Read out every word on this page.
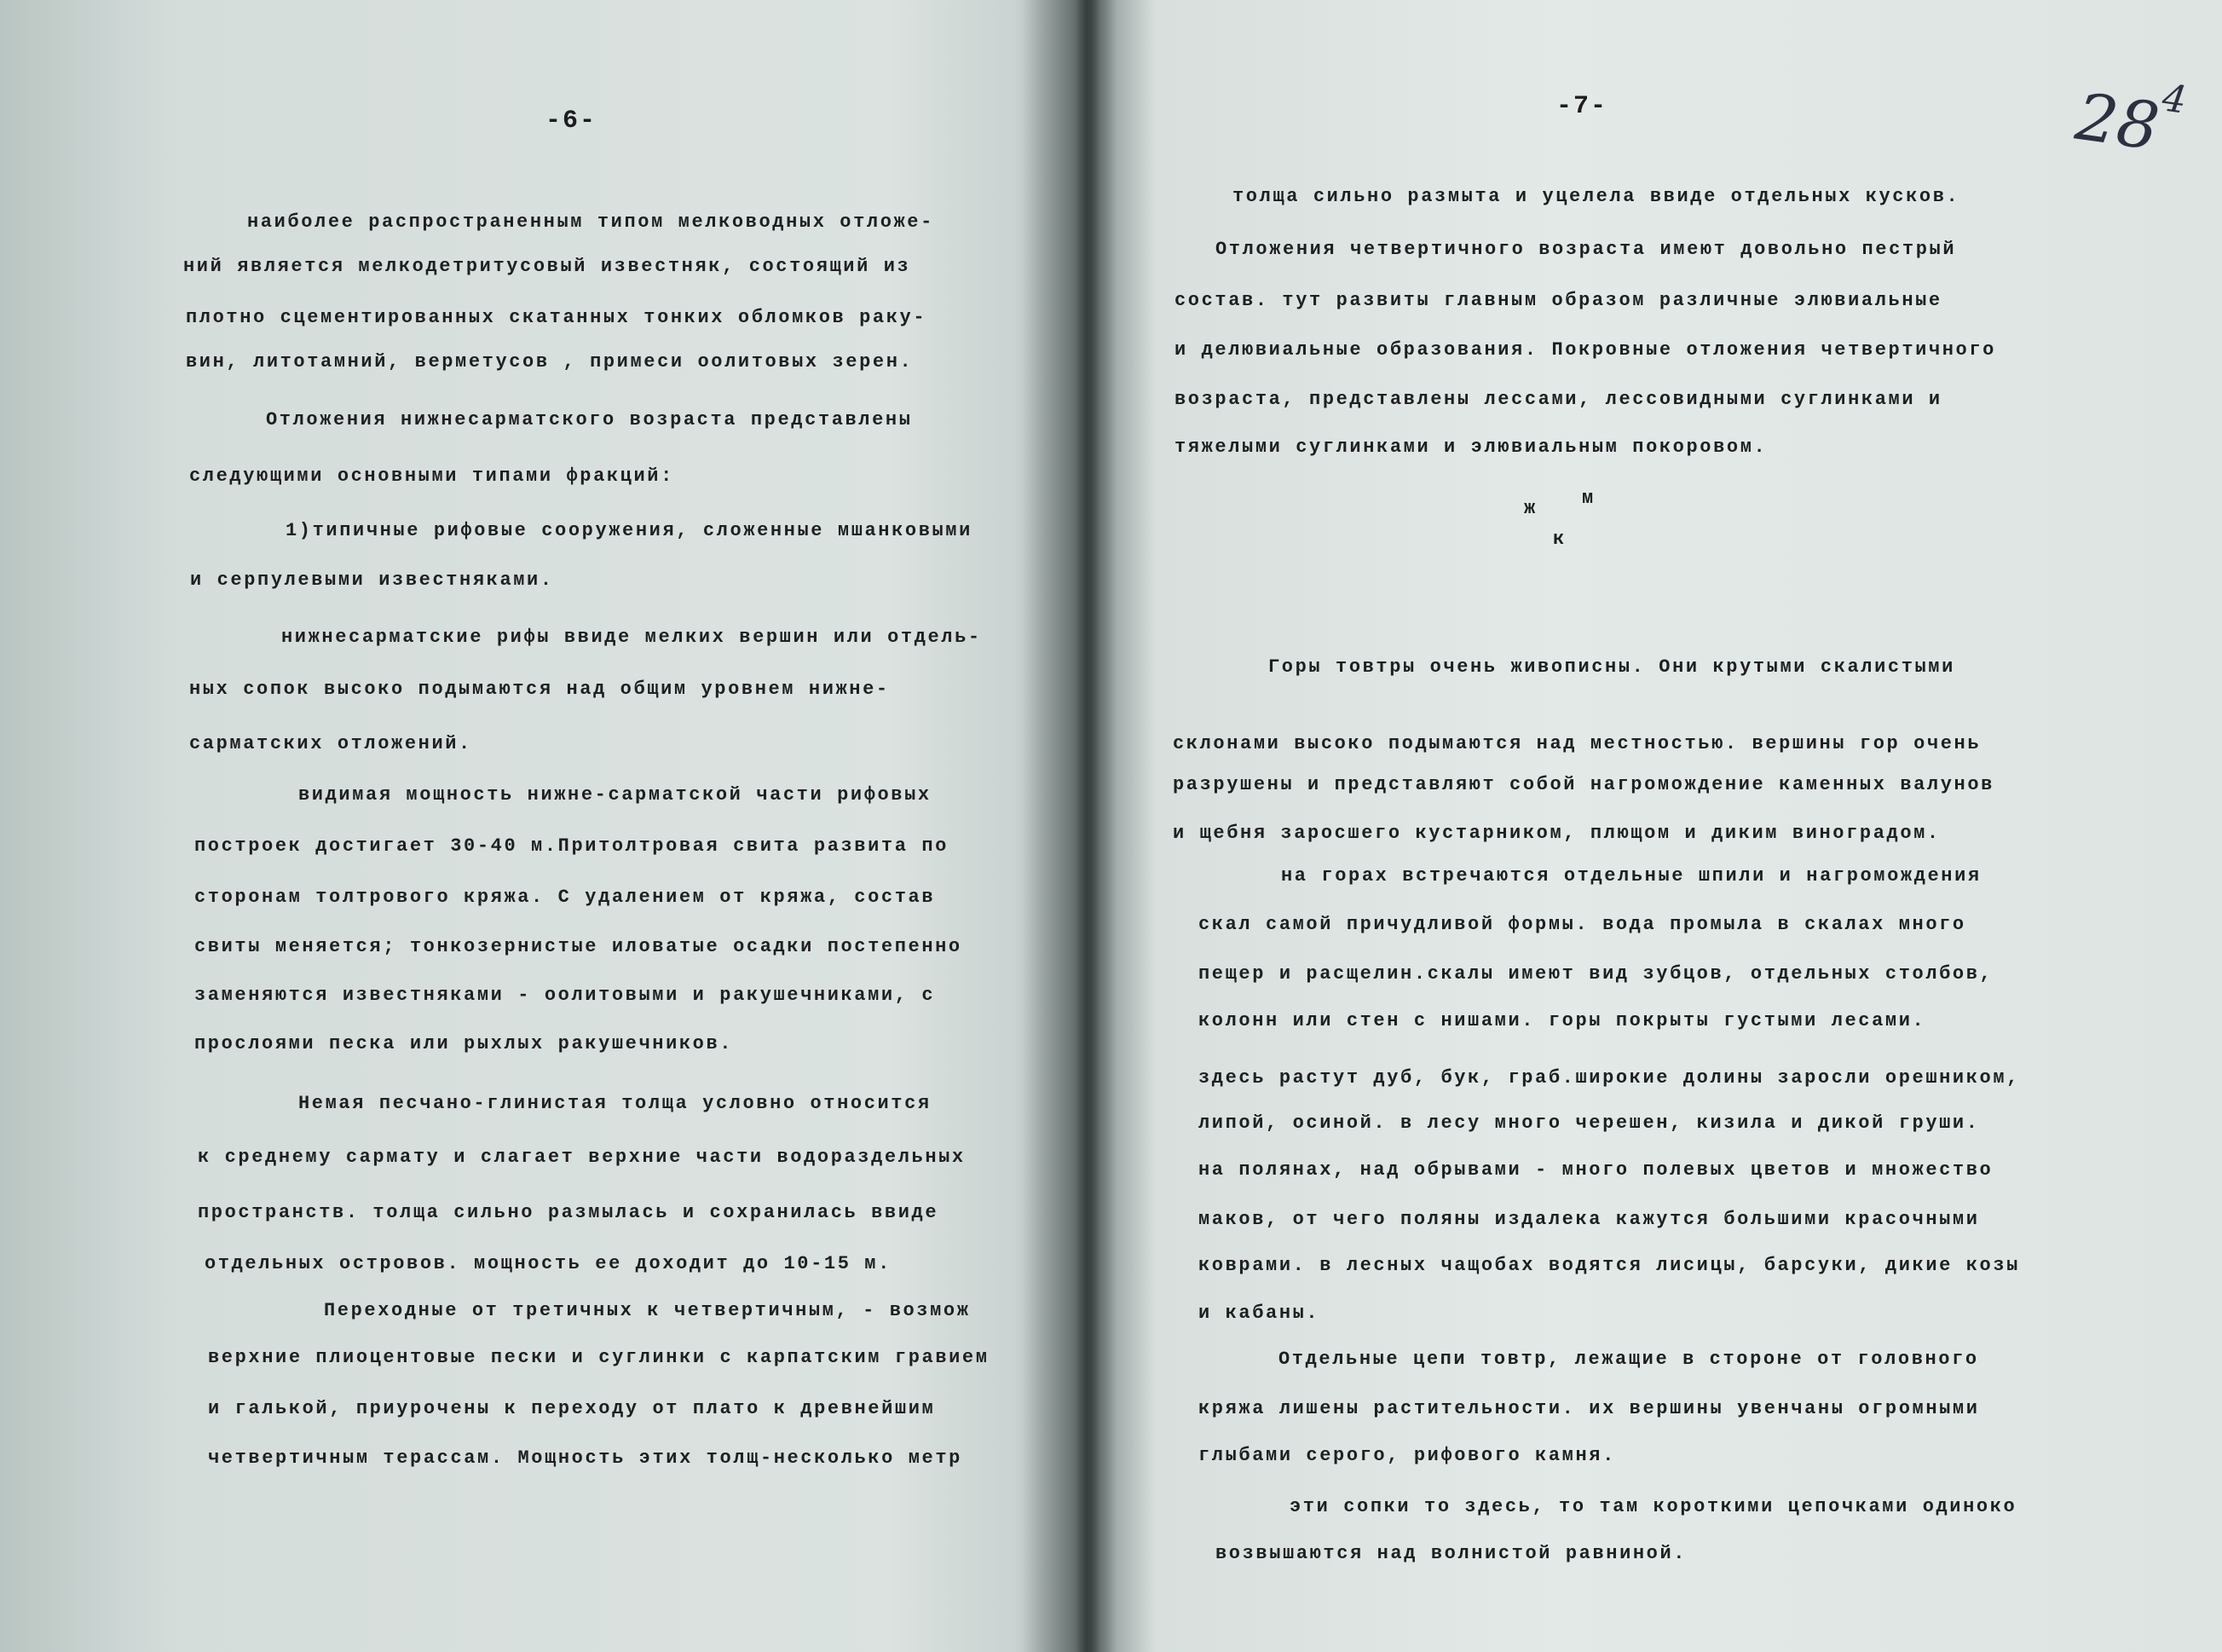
-6-
наиболее распространенным типом мелководных отложе-
ний является мелкодетритусовый известняк, состоящий из
плотно сцементированных скатанных тонких обломков раку-
вин, литотамний, верметусов , примеси оолитовых зерен.
Отложения нижнесарматского возраста представлены
следующими основными типами фракций:
1)типичные рифовые сооружения, сложенные мшанковыми
и серпулевыми известняками.
нижнесарматские рифы ввиде мелких вершин или отдель-
ных сопок высоко подымаются над общим уровнем нижне-
сарматских отложений.
видимая мощность нижне-сарматской части рифовых
построек достигает 30-40 м.Притолтровая свита развита по
сторонам толтрового кряжа. С удалением от кряжа, состав
свиты меняется; тонкозернистые иловатые осадки постепенно
заменяются известняками - оолитовыми и ракушечниками, с
прослоями песка или рыхлых ракушечников.
Немая песчано-глинистая толща условно относится
к среднему сармату и слагает верхние части водораздельных
пространств. толща сильно размылась и сохранилась ввиде
отдельных островов. мощность ее доходит до 10-15 м.
Переходные от третичных к четвертичным, - возмож
верхние плиоцентовые пески и суглинки с карпатским гравием
и галькой, приурочены к переходу от плато к древнейшим
четвертичным терассам. Мощность этих толщ-несколько метр
-7-	$28^4$
толща сильно размыта и уцелела ввиде отдельных кусков.
Отложения четвертичного возраста имеют довольно пестрый
состав. тут развиты главным образом различные элювиальные
и делювиальные образования. Покровные отложения четвертичного
возраста, представлены лессами, лессовидными суглинками и
тяжелыми суглинками и элювиальным покоровом.
ж м
к
Горы товтры очень живописны. Они крутыми скалистыми
склонами высоко подымаются над местностью. вершины гор очень
разрушены и представляют собой нагромождение каменных валунов
и щебня заросшего кустарником, плющом и диким виноградом.
на горах встречаются отдельные шпили и нагромождения
скал самой причудливой формы. вода промыла в скалах много
пещер и расщелин.скалы имеют вид зубцов, отдельных столбов,
колонн или стен с нишами. горы покрыты густыми лесами.
здесь растут дуб, бук, граб.широкие долины заросли орешником,
липой, осиной. в лесу много черешен, кизила и дикой груши.
на полянах, над обрывами - много полевых цветов и множество
маков, от чего поляны издалека кажутся большими красочными
коврами. в лесных чащобах водятся лисицы, барсуки, дикие козы
и кабаны.
Отдельные цепи товтр, лежащие в стороне от головного
кряжа лишены растительности. их вершины увенчаны огромными
глыбами серого, рифового камня.
эти сопки то здесь, то там короткими цепочками одиноко
возвышаются над волнистой равниной.
